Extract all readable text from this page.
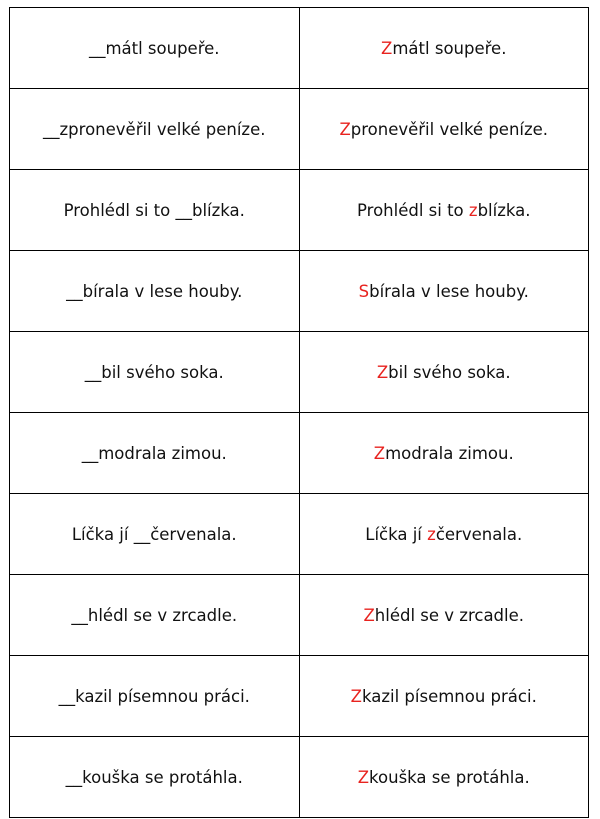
__mátl soupeře.	Zmátl soupeře.
__zpronevěřil velké peníze.	Zpronevěřil velké peníze.
Prohlédl si to __blízka.	Prohlédl si to zblízka.
__bírala v lese houby.	Sbírala v lese houby.
__bil svého soka.	Zbil svého soka.
__modrala zimou.	Zmodrala zimou.
Líčka jí __červenala.	Líčka jí zčervenala.
__hlédl se v zrcadle.	Zhlédl se v zrcadle.
__kazil písemnou práci.	Zkazil písemnou práci.
__kouška se protáhla.	Zkouška se protáhla.
